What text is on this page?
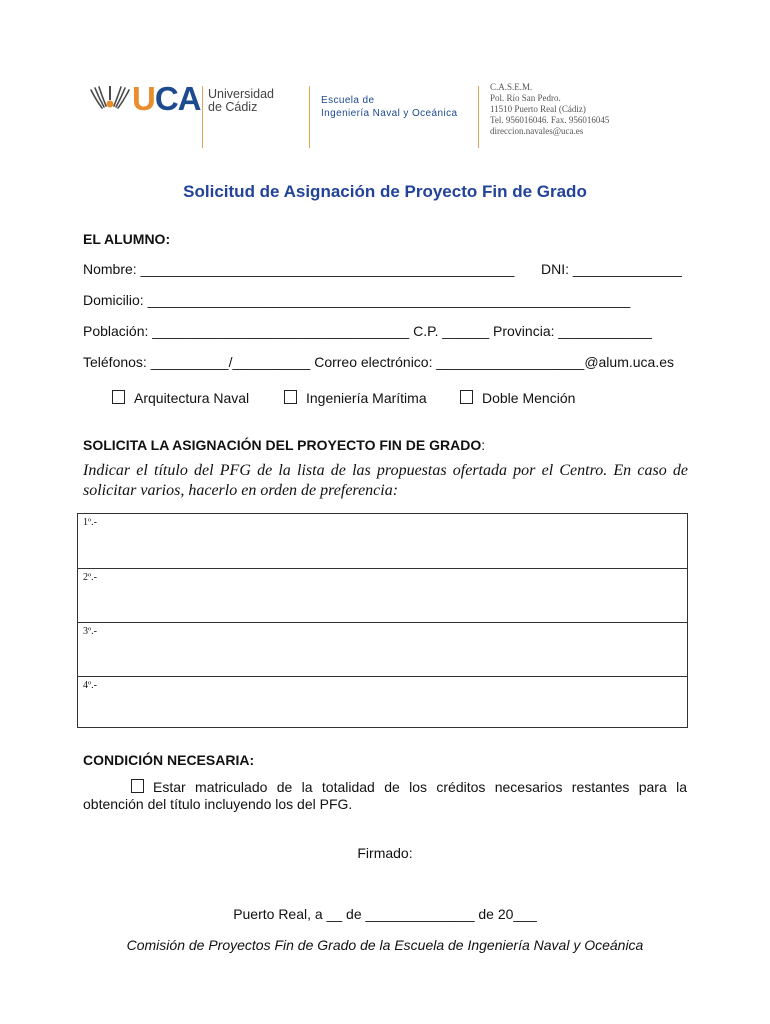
UCA Universidad
de Cádiz	Escuela de
Ingeniería Naval y Oceánica
C.A.S.E.M.
Pol. Río San Pedro.
11510 Puerto Real (Cádiz)
Tel. 956016046. Fax. 956016045
direccion.navales@uca.es
Solicitud de Asignación de Proyecto Fin de Grado
EL ALUMNO:
Nombre: ________________________________________________ DNI: ______________
Domicilio: ______________________________________________________________
Población: _________________________________ C.P. ______ Provincia: ____________
Teléfonos: __________/__________ Correo electrónico: ___________________@alum.uca.es
Arquitectura Naval	Ingeniería Marítima	Doble Mención
SOLICITA LA ASIGNACIÓN DEL PROYECTO FIN DE GRADO:
Indicar el título del PFG de la lista de las propuestas ofertada por el Centro. En caso de solicitar varios, hacerlo en orden de preferencia:
1º.-
2º.-
3º.-
4º.-
CONDICIÓN NECESARIA:
Estar matriculado de la totalidad de los créditos necesarios restantes para la obtención del título incluyendo los del PFG.
Firmado:
Puerto Real, a __ de ______________ de 20___
Comisión de Proyectos Fin de Grado de la Escuela de Ingeniería Naval y Oceánica
